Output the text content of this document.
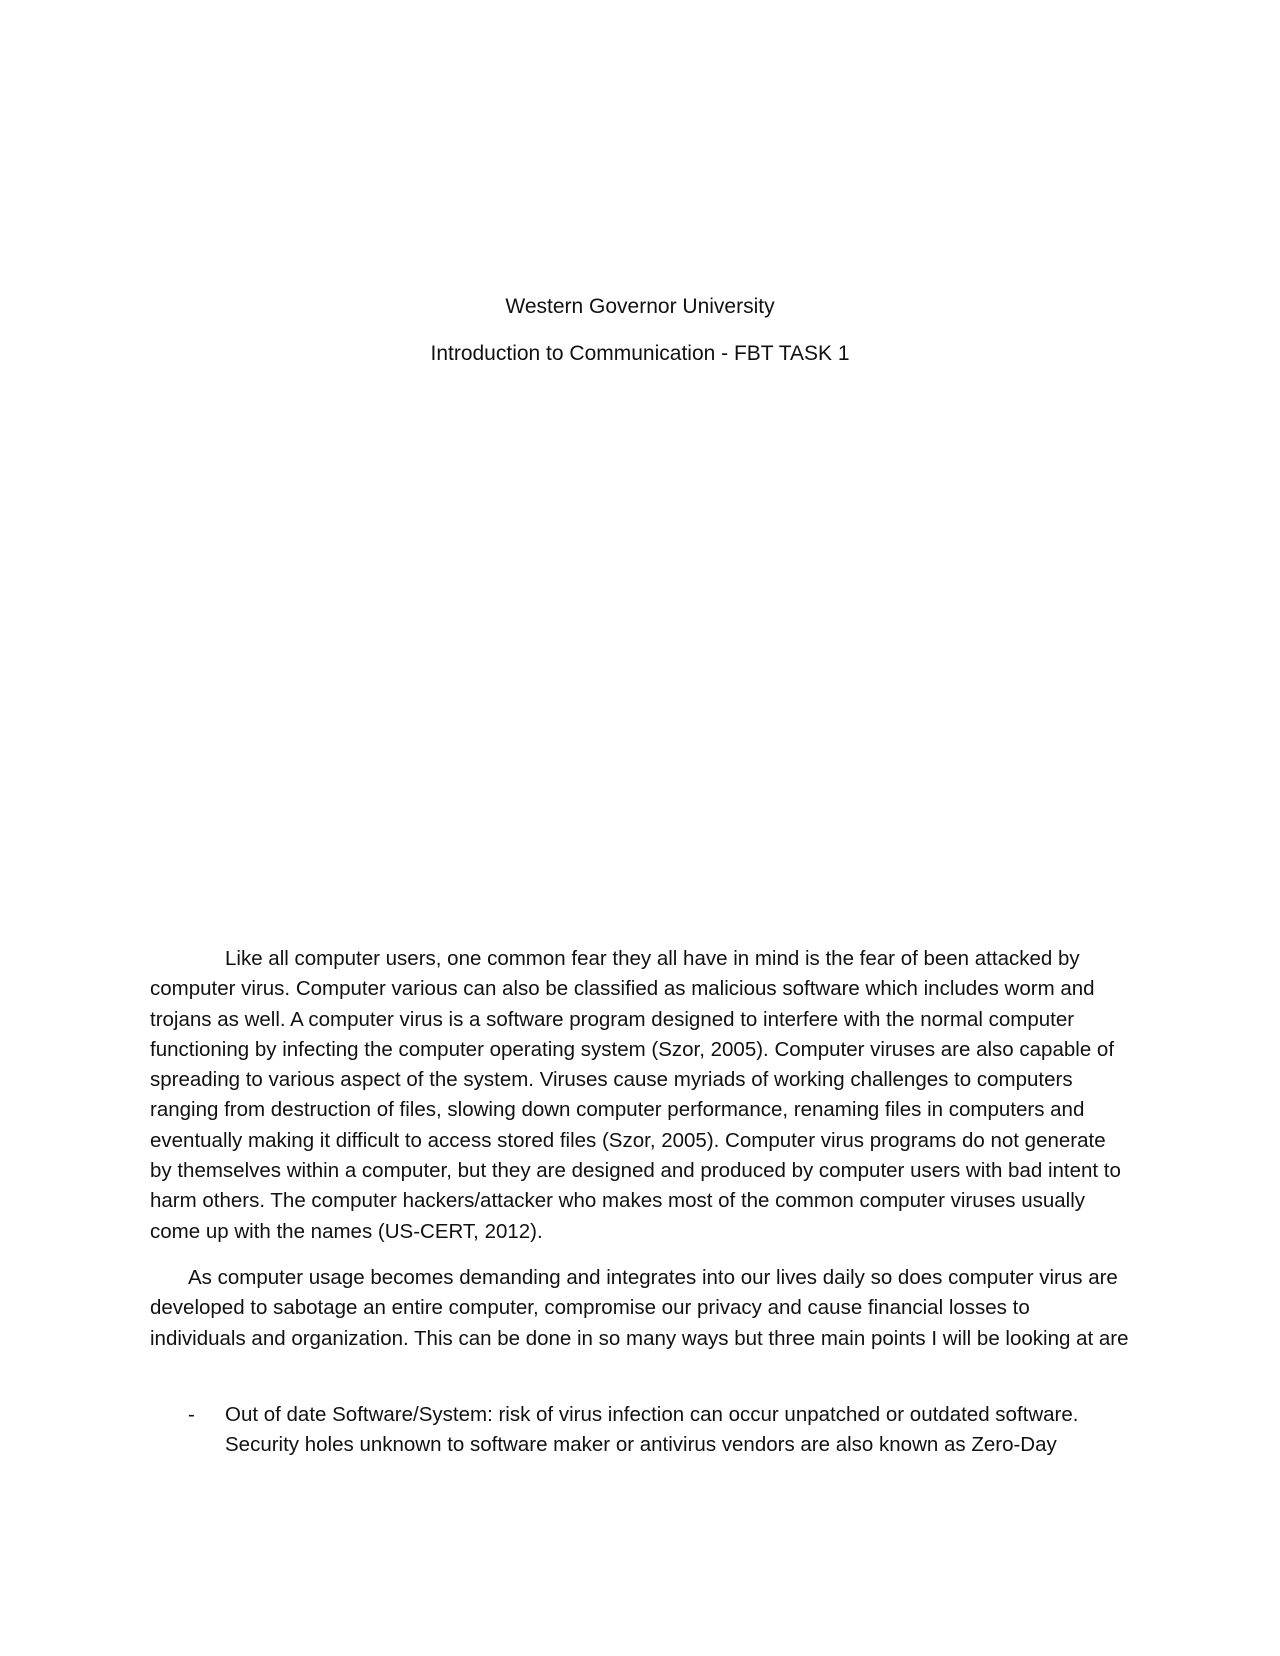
Western Governor University
Introduction to Communication - FBT TASK 1

Like all computer users, one common fear they all have in mind is the fear of been attacked by computer virus. Computer various can also be classified as malicious software which includes worm and trojans as well. A computer virus is a software program designed to interfere with the normal computer functioning by infecting the computer operating system (Szor, 2005). Computer viruses are also capable of spreading to various aspect of the system. Viruses cause myriads of working challenges to computers ranging from destruction of files, slowing down computer performance, renaming files in computers and eventually making it difficult to access stored files (Szor, 2005). Computer virus programs do not generate by themselves within a computer, but they are designed and produced by computer users with bad intent to harm others. The computer hackers/attacker who makes most of the common computer viruses usually come up with the names (US-CERT, 2012).

As computer usage becomes demanding and integrates into our lives daily so does computer virus are developed to sabotage an entire computer, compromise our privacy and cause financial losses to individuals and organization. This can be done in so many ways but three main points I will be looking at are

- Out of date Software/System: risk of virus infection can occur unpatched or outdated software. Security holes unknown to software maker or antivirus vendors are also known as Zero-Day
